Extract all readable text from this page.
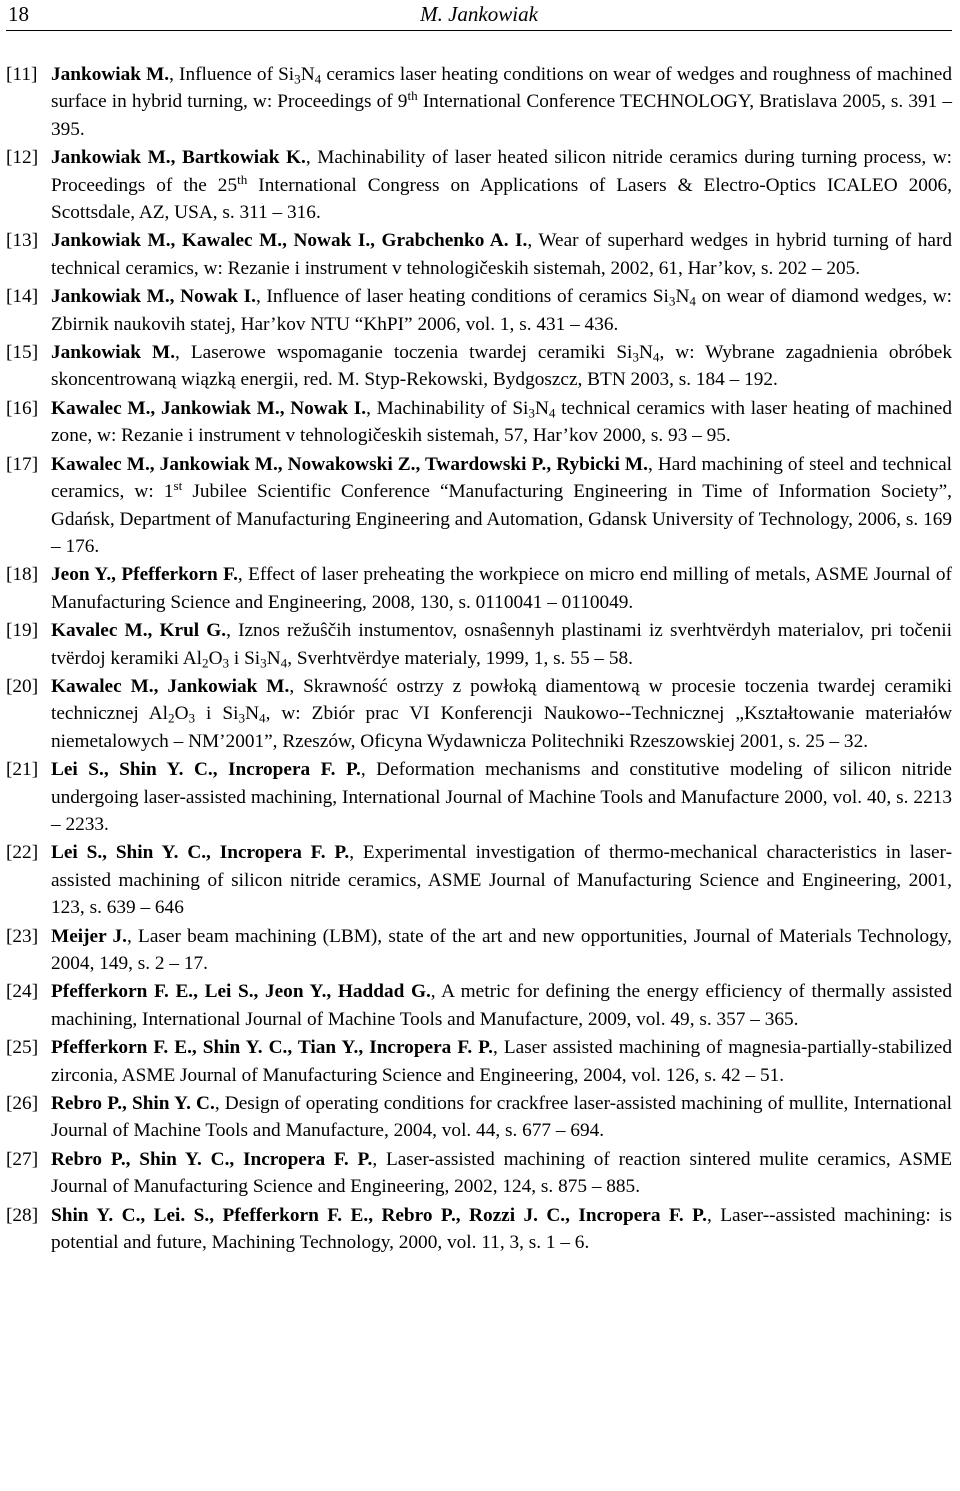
18	M. Jankowiak
[11] Jankowiak M., Influence of $Si_3N_4$ ceramics laser heating conditions on wear of wedges and roughness of machined surface in hybrid turning, w: Proceedings of 9th International Conference TECHNOLOGY, Bratislava 2005, s. 391 – 395.
[12] Jankowiak M., Bartkowiak K., Machinability of laser heated silicon nitride ceramics during turning process, w: Proceedings of the 25th International Congress on Applications of Lasers & Electro-Optics ICALEO 2006, Scottsdale, AZ, USA, s. 311 – 316.
[13] Jankowiak M., Kawalec M., Nowak I., Grabchenko A. I., Wear of superhard wedges in hybrid turning of hard technical ceramics, w: Rezanie i instrument v tehnologičeskih sistemah, 2002, 61, Har’kov, s. 202 – 205.
[14] Jankowiak M., Nowak I., Influence of laser heating conditions of ceramics $Si_3N_4$ on wear of diamond wedges, w: Zbirnik naukovih statej, Har’kov NTU “KhPI” 2006, vol. 1, s. 431 – 436.
[15] Jankowiak M., Laserowe wspomaganie toczenia twardej ceramiki $Si_3N_4$, w: Wybrane zagadnienia obróbek skoncentrowaną wiązką energii, red. M. Styp-Rekowski, Bydgoszcz, BTN 2003, s. 184 – 192.
[16] Kawalec M., Jankowiak M., Nowak I., Machinability of $Si_3N_4$ technical ceramics with laser heating of machined zone, w: Rezanie i instrument v tehnologičeskih sistemah, 57, Har’kov 2000, s. 93 – 95.
[17] Kawalec M., Jankowiak M., Nowakowski Z., Twardowski P., Rybicki M., Hard machining of steel and technical ceramics, w: 1st Jubilee Scientific Conference “Manufacturing Engineering in Time of Information Society”, Gdańsk, Department of Manufacturing Engineering and Automation, Gdansk University of Technology, 2006, s. 169 – 176.
[18] Jeon Y., Pfefferkorn F., Effect of laser preheating the workpiece on micro end milling of metals, ASME Journal of Manufacturing Science and Engineering, 2008, 130, s. 0110041 – 0110049.
[19] Kavalec M., Krul G., Iznos režuŝčih instumentov, osnaŝennyh plastinami iz sverhtvërdyh materialov, pri točenii tvërdoj keramiki $Al_2O_3$ i $Si_3N_4$, Sverhtvërdye materialy, 1999, 1, s. 55 – 58.
[20] Kawalec M., Jankowiak M., Skrawność ostrzy z powłoką diamentową w procesie toczenia twardej ceramiki technicznej $Al_2O_3$ i $Si_3N_4$, w: Zbiór prac VI Konferencji Naukowo--Technicznej „Kształtowanie materiałów niemetalowych – NM’2001”, Rzeszów, Oficyna Wydawnicza Politechniki Rzeszowskiej 2001, s. 25 – 32.
[21] Lei S., Shin Y. C., Incropera F. P., Deformation mechanisms and constitutive modeling of silicon nitride undergoing laser-assisted machining, International Journal of Machine Tools and Manufacture 2000, vol. 40, s. 2213 – 2233.
[22] Lei S., Shin Y. C., Incropera F. P., Experimental investigation of thermo-mechanical characteristics in laser-assisted machining of silicon nitride ceramics, ASME Journal of Manufacturing Science and Engineering, 2001, 123, s. 639 – 646
[23] Meijer J., Laser beam machining (LBM), state of the art and new opportunities, Journal of Materials Technology, 2004, 149, s. 2 – 17.
[24] Pfefferkorn F. E., Lei S., Jeon Y., Haddad G., A metric for defining the energy efficiency of thermally assisted machining, International Journal of Machine Tools and Manufacture, 2009, vol. 49, s. 357 – 365.
[25] Pfefferkorn F. E., Shin Y. C., Tian Y., Incropera F. P., Laser assisted machining of magnesia-partially-stabilized zirconia, ASME Journal of Manufacturing Science and Engineering, 2004, vol. 126, s. 42 – 51.
[26] Rebro P., Shin Y. C., Design of operating conditions for crackfree laser-assisted machining of mullite, International Journal of Machine Tools and Manufacture, 2004, vol. 44, s. 677 – 694.
[27] Rebro P., Shin Y. C., Incropera F. P., Laser-assisted machining of reaction sintered mulite ceramics, ASME Journal of Manufacturing Science and Engineering, 2002, 124, s. 875 – 885.
[28] Shin Y. C., Lei. S., Pfefferkorn F. E., Rebro P., Rozzi J. C., Incropera F. P., Laser--assisted machining: is potential and future, Machining Technology, 2000, vol. 11, 3, s. 1 – 6.
